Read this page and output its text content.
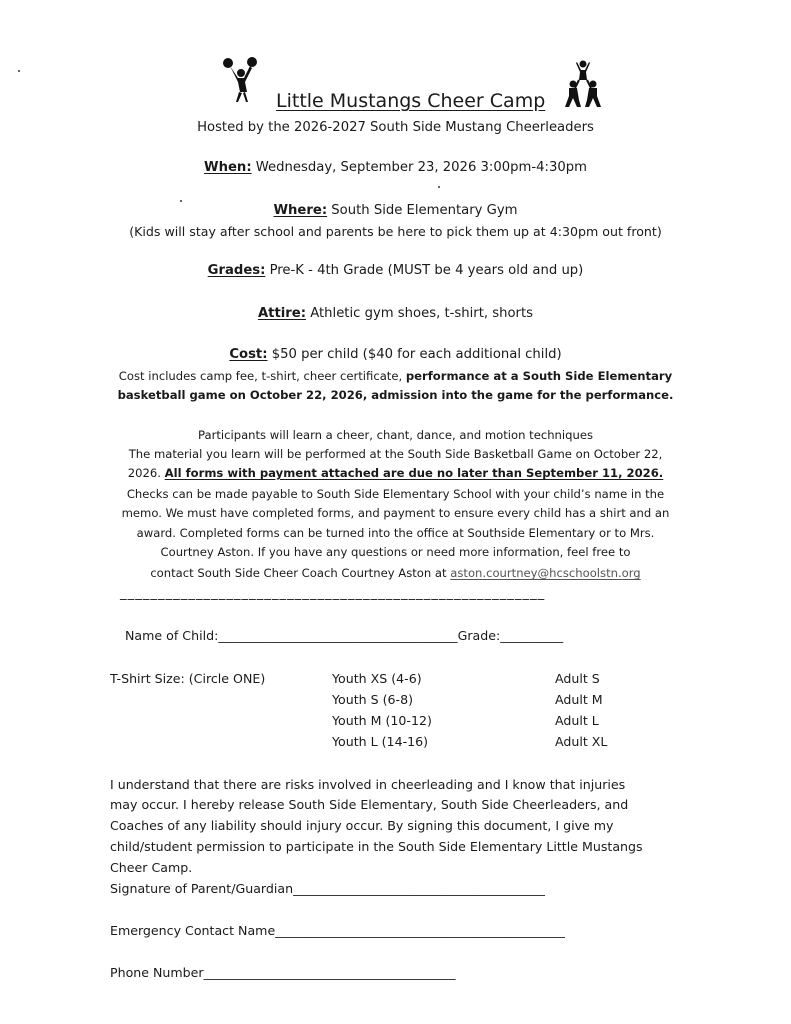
Little Mustangs Cheer Camp
Hosted by the 2026-2027 South Side Mustang Cheerleaders
When: Wednesday, September 23, 2026 3:00pm-4:30pm
Where: South Side Elementary Gym
(Kids will stay after school and parents be here to pick them up at 4:30pm out front)
Grades: Pre-K - 4th Grade (MUST be 4 years old and up)
Attire: Athletic gym shoes, t-shirt, shorts
Cost: $50 per child ($40 for each additional child)
Cost includes camp fee, t-shirt, cheer certificate, performance at a South Side Elementary
basketball game on October 22, 2026, admission into the game for the performance.
Participants will learn a cheer, chant, dance, and motion techniques
The material you learn will be performed at the South Side Basketball Game on October 22,
2026. All forms with payment attached are due no later than September 11, 2026.
Checks can be made payable to South Side Elementary School with your child’s name in the
memo. We must have completed forms, and payment to ensure every child has a shirt and an
award. Completed forms can be turned into the office at Southside Elementary or to Mrs.
Courtney Aston. If you have any questions or need more information, feel free to
contact South Side Cheer Coach Courtney Aston at aston.courtney@hcschoolstn.org
________________________________________________________
Name of Child:______________________________________Grade:__________
T-Shirt Size: (Circle ONE)	Youth XS (4-6)
Youth S (6-8)
Youth M (10-12)
Youth L (14-16)
Adult S
Adult M
Adult L
Adult XL
I understand that there are risks involved in cheerleading and I know that injuries
may occur. I hereby release South Side Elementary, South Side Cheerleaders, and
Coaches of any liability should injury occur. By signing this document, I give my
child/student permission to participate in the South Side Elementary Little Mustangs
Cheer Camp.
Signature of Parent/Guardian________________________________________
Emergency Contact Name______________________________________________
Phone Number________________________________________
